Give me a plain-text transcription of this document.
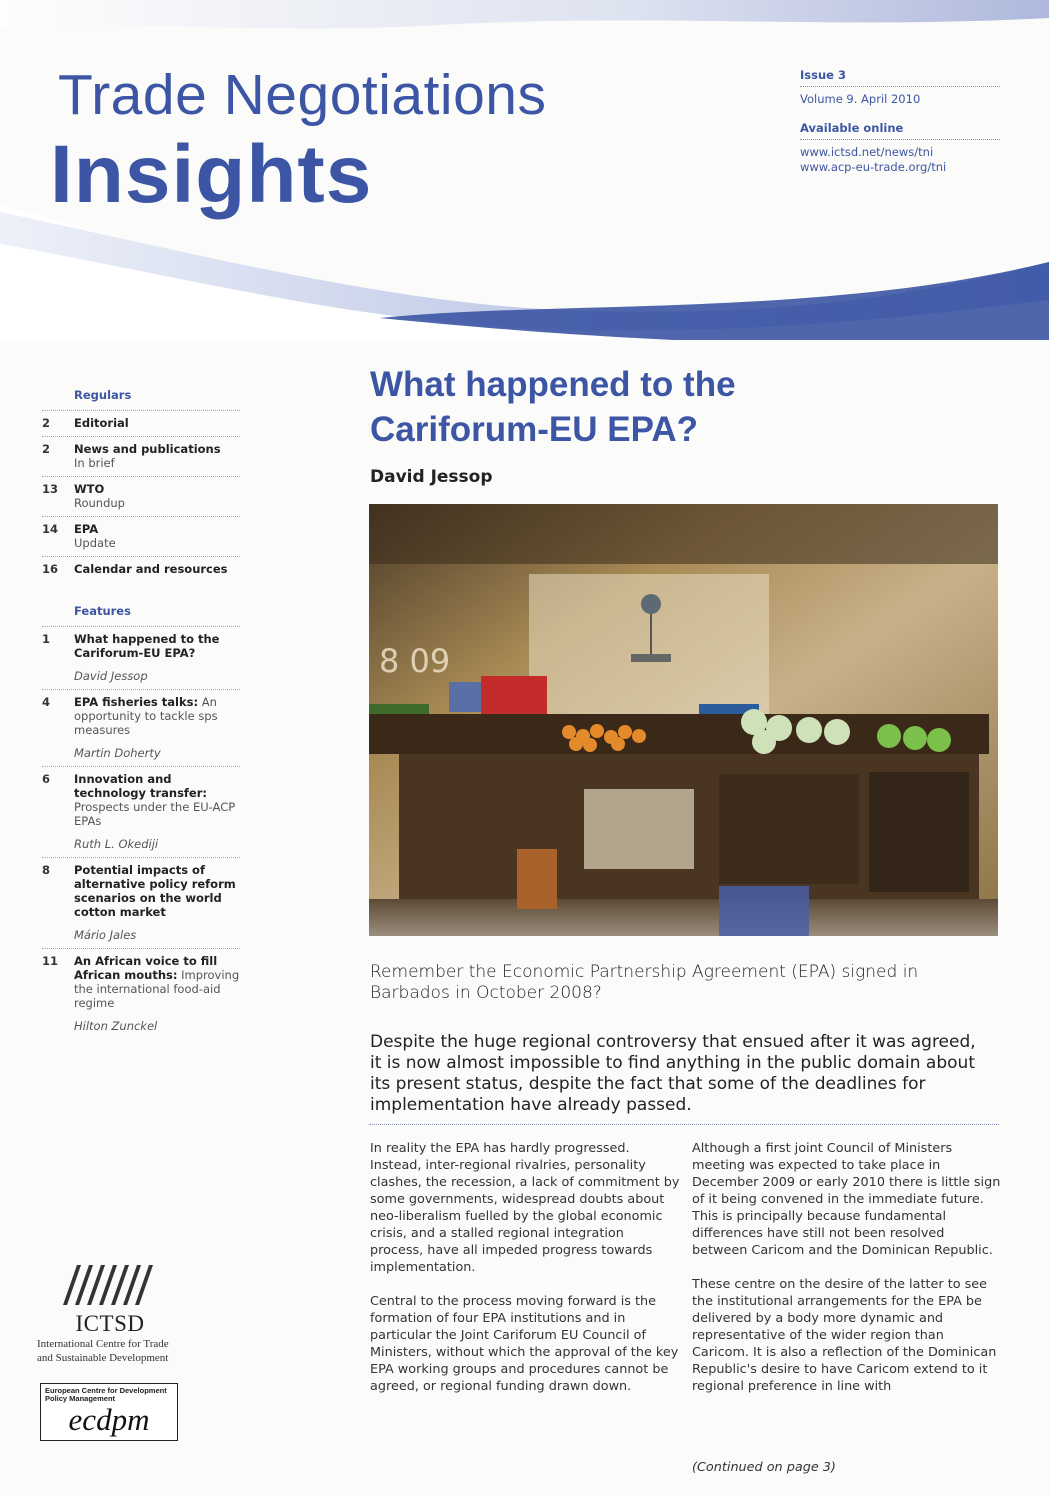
Trade Negotiations
Insights
Issue 3
Volume 9. April 2010
Available online
www.ictsd.net/news/tni
www.acp-eu-trade.org/tni
Regulars
2	Editorial
2	News and publications
In brief
13	WTO
Roundup
14	EPA
Update
16	Calendar and resources
Features
1	What happened to the Cariforum-EU EPA?
David Jessop
4	EPA fisheries talks: An opportunity to tackle sps measures
Martin Doherty
6	Innovation and technology transfer: Prospects under the EU-ACP EPAs
Ruth L. Okediji
8	Potential impacts of alternative policy reform scenarios on the world cotton market
Mário Jales
11	An African voice to fill African mouths: Improving the international food-aid regime
Hilton Zunckel
ICTSD
International Centre for Trade
and Sustainable Development
European Centre for Development
Policy Management
ecdpm
What happened to the
Cariforum-EU EPA?
David Jessop
8 09
Remember the Economic Partnership Agreement (EPA) signed in Barbados in October 2008?
Despite the huge regional controversy that ensued after it was agreed, it is now almost impossible to find anything in the public domain about its present status, despite the fact that some of the deadlines for implementation have already passed.

In reality the EPA has hardly progressed. Instead, inter-regional rivalries, personality clashes, the recession, a lack of commitment by some governments, widespread doubts about neo-liberalism fuelled by the global economic crisis, and a stalled regional integration process, have all impeded progress towards implementation.

Central to the process moving forward is the formation of four EPA institutions and in particular the Joint Cariforum EU Council of Ministers, without which the approval of the key EPA working groups and procedures cannot be agreed, or regional funding drawn down.

Although a first joint Council of Ministers meeting was expected to take place in December 2009 or early 2010 there is little sign of it being convened in the immediate future. This is principally because fundamental differences have still not been resolved between Caricom and the Dominican Republic.

These centre on the desire of the latter to see the institutional arrangements for the EPA be delivered by a body more dynamic and representative of the wider region than Caricom. It is also a reflection of the Dominican Republic's desire to have Caricom extend to it regional preference in line with

(Continued on page 3)
